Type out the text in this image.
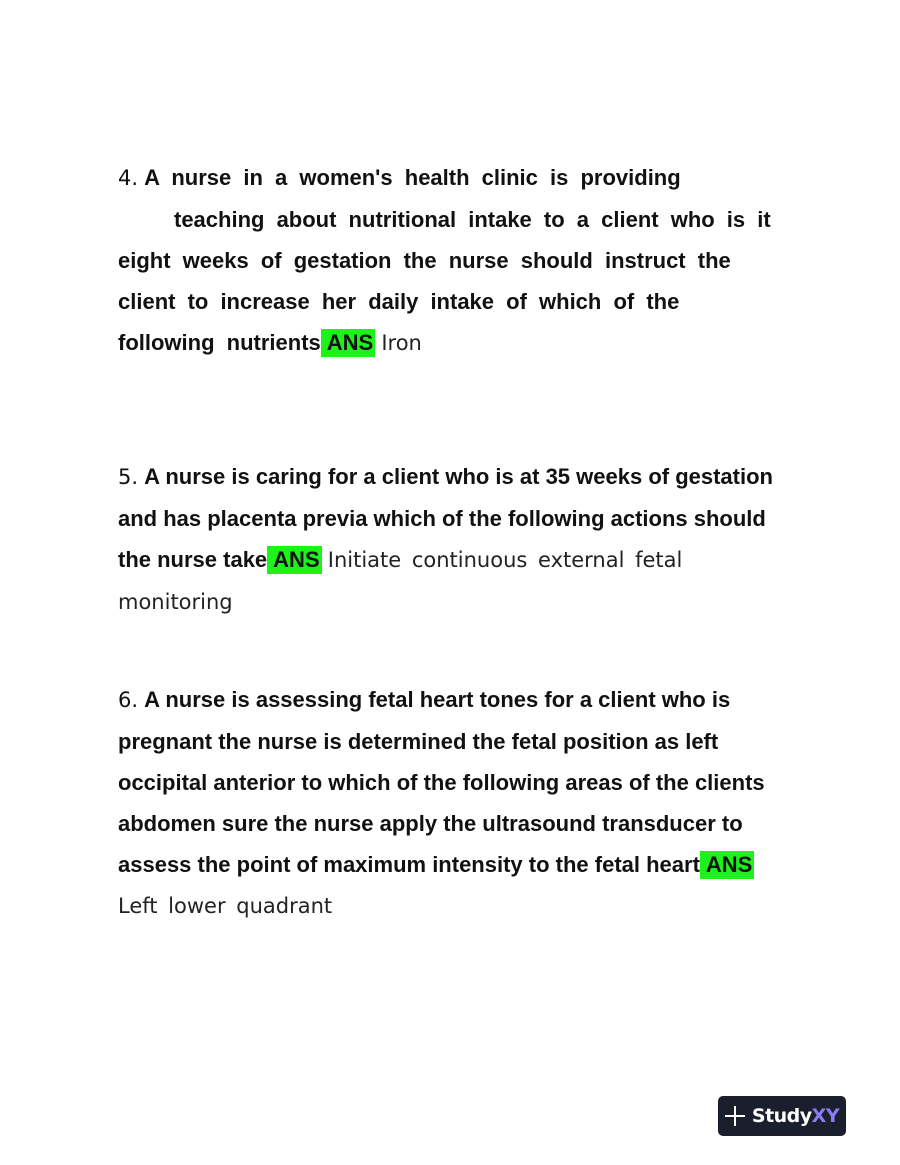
4. A nurse in a women's health clinic is providing
teaching about nutritional intake to a client who is it eight weeks of gestation the nurse should instruct the client to increase her daily intake of which of the following nutrients ANS Iron

5. A nurse is caring for a client who is at 35 weeks of gestation and has placenta previa which of the following actions should the nurse take ANS Initiate continuous external fetal monitoring

6. A nurse is assessing fetal heart tones for a client who is pregnant the nurse is determined the fetal position as left occipital anterior to which of the following areas of the clients abdomen sure the nurse apply the ultrasound transducer to assess the point of maximum intensity to the fetal heart ANS Left lower quadrant

StudyXY
